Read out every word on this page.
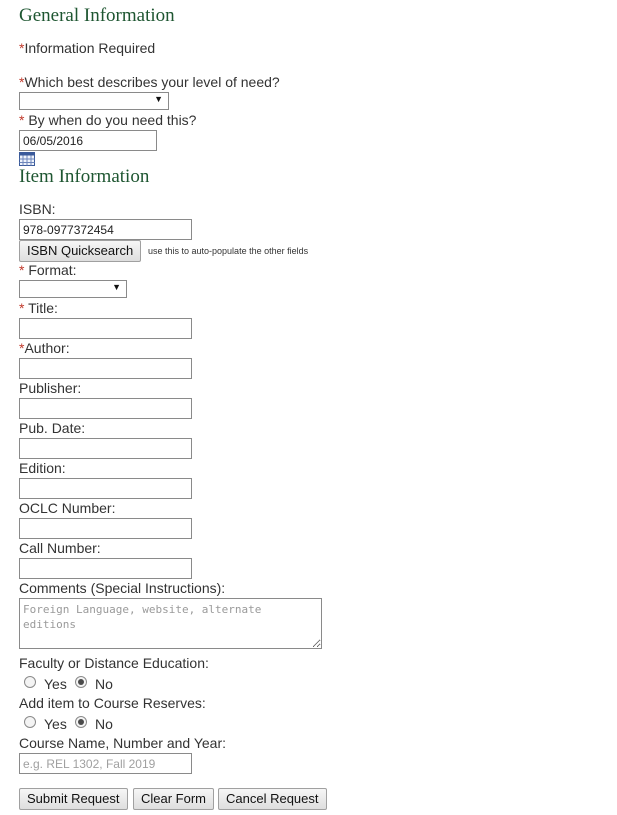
General Information
*Information Required
*Which best describes your level of need?
▼
* By when do you need this?
06/05/2016
Item Information
ISBN:
978-0977372454
ISBN Quicksearch	use this to auto-populate the other fields
* Format:
▼
* Title:
*Author:
Publisher:
Pub. Date:
Edition:
OCLC Number:
Call Number:
Comments (Special Instructions):
Foreign Language, website, alternate editions
Faculty or Distance Education:
Yes No
Add item to Course Reserves:
Yes No
Course Name, Number and Year:
e.g. REL 1302, Fall 2019
Submit Request	Clear Form	Cancel Request
